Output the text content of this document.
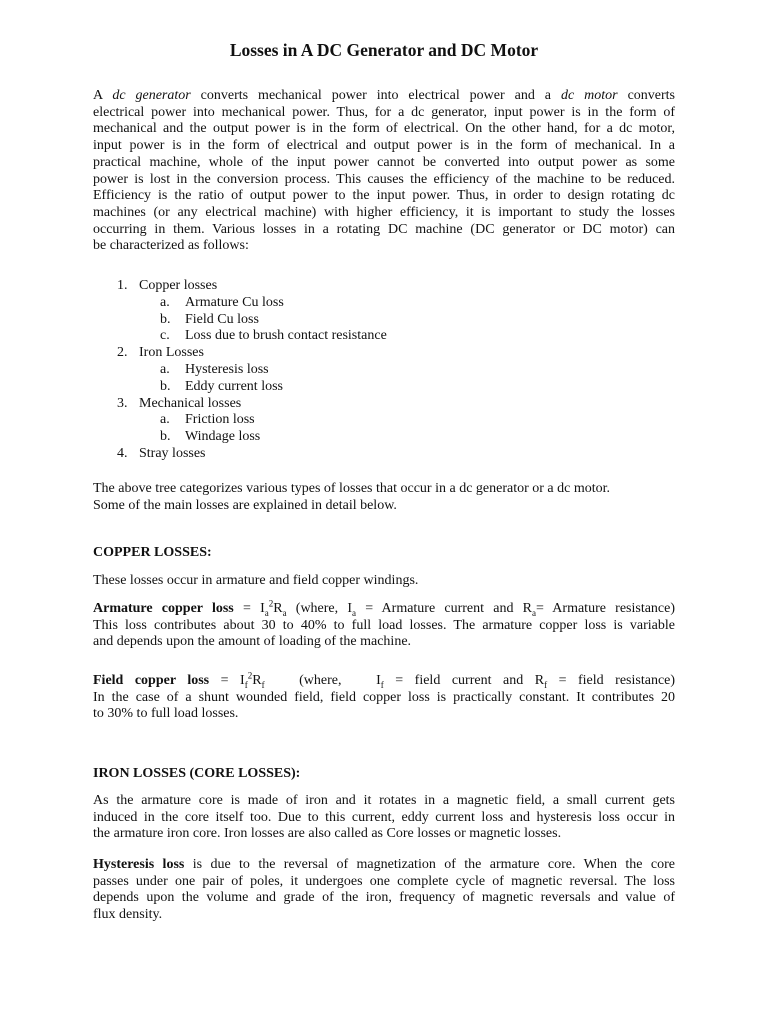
Losses in A DC Generator and DC Motor
A dc generator converts mechanical power into electrical power and a dc motor converts
electrical power into mechanical power. Thus, for a dc generator, input power is in the form of
mechanical and the output power is in the form of electrical. On the other hand, for a dc motor,
input power is in the form of electrical and output power is in the form of mechanical. In a
practical machine, whole of the input power cannot be converted into output power as some
power is lost in the conversion process. This causes the efficiency of the machine to be reduced.
Efficiency is the ratio of output power to the input power. Thus, in order to design rotating dc
machines (or any electrical machine) with higher efficiency, it is important to study the losses
occurring in them. Various losses in a rotating DC machine (DC generator or DC motor) can
be characterized as follows:
1. Copper losses
a. Armature Cu loss
b. Field Cu loss
c. Loss due to brush contact resistance
2. Iron Losses
a. Hysteresis loss
b. Eddy current loss
3. Mechanical losses
a. Friction loss
b. Windage loss
4. Stray losses
The above tree categorizes various types of losses that occur in a dc generator or a dc motor.
Some of the main losses are explained in detail below.
COPPER LOSSES:
These losses occur in armature and field copper windings.
Armature copper loss = $I_a^2R_a$ (where, $I_a$ = Armature current and $R_a=$ Armature resistance)
This loss contributes about 30 to 40% to full load losses. The armature copper loss is variable
and depends upon the amount of loading of the machine.
Field copper loss = $I_f^2R_f$ (where, $I_f$ = field current and $R_f$ = field resistance)
In the case of a shunt wounded field, field copper loss is practically constant. It contributes 20
to 30% to full load losses.
IRON LOSSES (CORE LOSSES):
As the armature core is made of iron and it rotates in a magnetic field, a small current gets
induced in the core itself too. Due to this current, eddy current loss and hysteresis loss occur in
the armature iron core. Iron losses are also called as Core losses or magnetic losses.
Hysteresis loss is due to the reversal of magnetization of the armature core. When the core
passes under one pair of poles, it undergoes one complete cycle of magnetic reversal. The loss
depends upon the volume and grade of the iron, frequency of magnetic reversals and value of
flux density.
